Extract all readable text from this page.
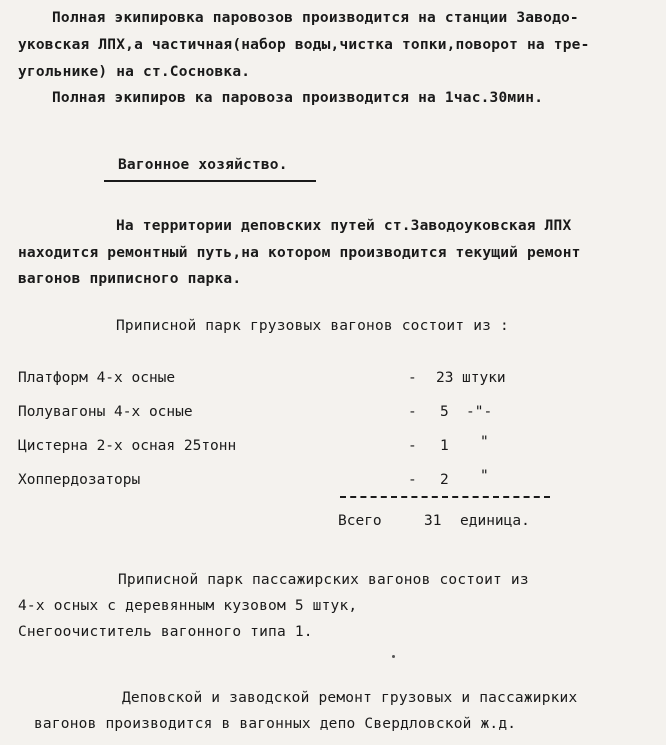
Полная экипировка паровозов производится на станции Заводо-
уковская ЛПХ,а частичная(набор воды,чистка топки,поворот на тре-
угольнике) на ст.Сосновка.
Полная экипиров ка паровоза производится на 1час.30мин.
Вагонное хозяйство.
На территории деповских путей ст.Заводоуковская ЛПХ
находится ремонтный путь,на котором производится текущий ремонт
вагонов приписного парка.
Приписной парк грузовых вагонов состоит из :
Платформ 4-х осные	- 23 штуки
Полувагоны 4-х осные	- 5 -"-
Цистерна 2-х осная 25тонн	- 1 "
Хоппердозаторы	- 2 "
Всего	31 единица.
Приписной парк пассажирских вагонов состоит из
4-х осных с деревянным кузовом 5 штук,
Снегоочиститель вагонного типа 1.
Деповской и заводской ремонт грузовых и пассажирких
вагонов производится в вагонных депо Свердловской ж.д.
